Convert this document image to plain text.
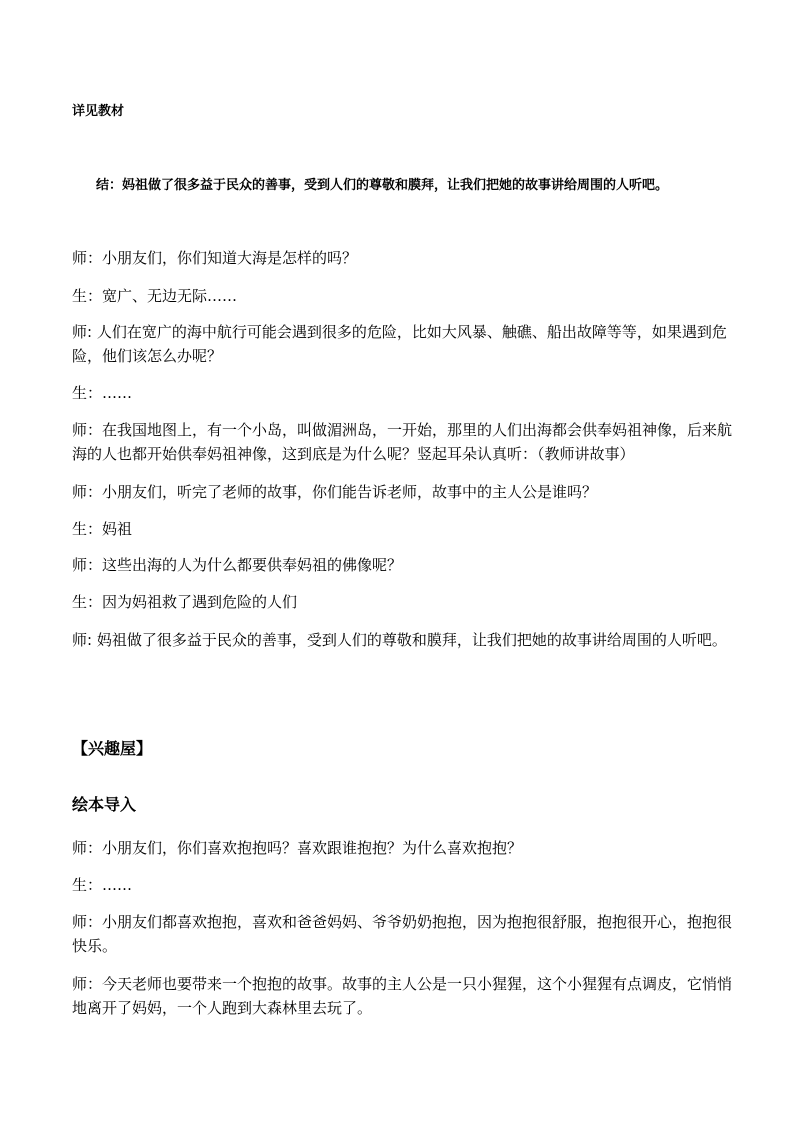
详见教材

结：妈祖做了很多益于民众的善事，受到人们的尊敬和膜拜，让我们把她的故事讲给周围的人听吧。

师：小朋友们，你们知道大海是怎样的吗？

生：宽广、无边无际……

师: 人们在宽广的海中航行可能会遇到很多的危险，比如大风暴、触礁、船出故障等等，如果遇到危险，他们该怎么办呢？

生：……

师：在我国地图上，有一个小岛，叫做湄洲岛，一开始，那里的人们出海都会供奉妈祖神像，后来航海的人也都开始供奉妈祖神像，这到底是为什么呢？竖起耳朵认真听：（教师讲故事）

师：小朋友们，听完了老师的故事，你们能告诉老师，故事中的主人公是谁吗？

生：妈祖

师：这些出海的人为什么都要供奉妈祖的佛像呢？

生：因为妈祖救了遇到危险的人们

师: 妈祖做了很多益于民众的善事，受到人们的尊敬和膜拜，让我们把她的故事讲给周围的人听吧。

【兴趣屋】

绘本导入

师：小朋友们，你们喜欢抱抱吗？喜欢跟谁抱抱？为什么喜欢抱抱？

生：……

师：小朋友们都喜欢抱抱，喜欢和爸爸妈妈、爷爷奶奶抱抱，因为抱抱很舒服，抱抱很开心，抱抱很快乐。

师：今天老师也要带来一个抱抱的故事。故事的主人公是一只小猩猩，这个小猩猩有点调皮，它悄悄地离开了妈妈，一个人跑到大森林里去玩了。
